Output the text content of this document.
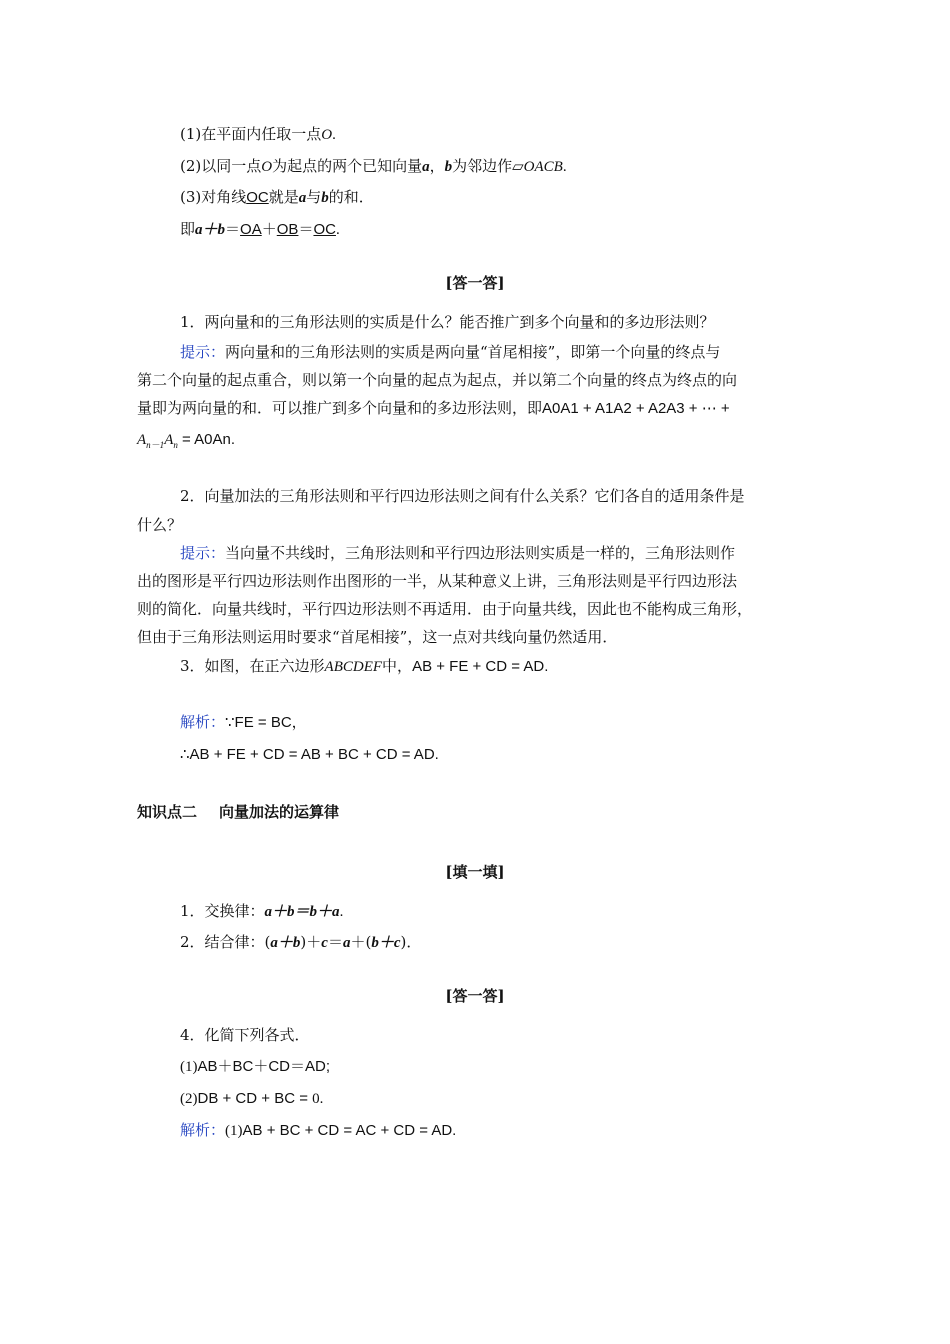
(1)在平面内任取一点O.
(2)以同一点O为起点的两个已知向量a，b为邻边作▱OACB.
(3)对角线OC就是a与b的和．
即a＋b＝OA＋OB＝OC.
[答一答]
1．两向量和的三角形法则的实质是什么？能否推广到多个向量和的多边形法则？
提示：两向量和的三角形法则的实质是两向量“首尾相接”，即第一个向量的终点与
第二个向量的起点重合，则以第一个向量的起点为起点，并以第二个向量的终点为终点的向
量即为两向量的和．可以推广到多个向量和的多边形法则，即A0A1 + A1A2 + A2A3 + ⋯ +
$A_{n-1}A_n = A0An$.
2．向量加法的三角形法则和平行四边形法则之间有什么关系？它们各自的适用条件是
什么？
提示：当向量不共线时，三角形法则和平行四边形法则实质是一样的，三角形法则作
出的图形是平行四边形法则作出图形的一半，从某种意义上讲，三角形法则是平行四边形法
则的简化．向量共线时，平行四边形法则不再适用．由于向量共线，因此也不能构成三角形，
但由于三角形法则运用时要求“首尾相接”，这一点对共线向量仍然适用．
3．如图，在正六边形ABCDEF中，AB + FE + CD = AD.
解析：∵FE = BC，
∴AB + FE + CD = AB + BC + CD = AD.
知识点二 向量加法的运算律
[填一填]
1．交换律：a＋b＝b＋a.
2．结合律：(a＋b)＋c＝a＋(b＋c)．
[答一答]
4．化简下列各式．
(1)AB＋BC＋CD＝AD;
(2)DB + CD + BC = 0.
解析：(1)AB + BC + CD = AC + CD = AD.
